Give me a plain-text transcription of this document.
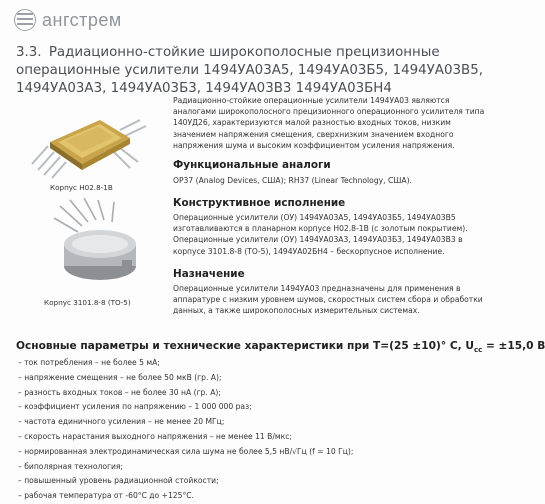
ангстрем
3.3. Радиационно-стойкие широкополосные прецизионные операционные усилители 1494УА03А5, 1494УА03Б5, 1494УА03В5, 1494УА03А3, 1494УА03Б3, 1494УА03В3 1494УА03БН4
Корпус Н02.8-1В
Корпус 3101.8-8 (ТО-5)
Радиационно-стойкие операционные усилители 1494УА03 являются аналогами широкополосного прецизионного операционного усилителя типа 140УД26, характеризуются малой разностью входных токов, низким значением напряжения смещения, сверхнизким значением входного напряжения шума и высоким коэффициентом усиления напряжения.
Функциональные аналоги
OP37 (Analog Devices, США); RH37 (Linear Technology, США).
Конструктивное исполнение
Операционные усилители (ОУ) 1494УА03А5, 1494УА03Б5, 1494УА03В5 изготавливаются в планарном корпусе Н02.8-1В (с золотым покрытием). Операционные усилители (ОУ) 1494УА03А3, 1494УА03Б3, 1494УА03В3 в корпусе 3101.8-8 (ТО-5), 1494УА02БН4 – бескорпусное исполнение.
Назначение
Операционные усилители 1494УА03 предназначены для применения в аппаратуре с низким уровнем шумов, скоростных систем сбора и обработки данных, а также широкополосных измерительных системах.
Основные параметры и технические характеристики при T=(25 ±10)° С, $U_{cc} = \pm 15,0$ В
– ток потребления – не более 5 мА;
– напряжение смещения – не более 50 мкВ (гр. А);
– разность входных токов – не более 30 нА (гр. А);
– коэффициент усиления по напряжению – 1 000 000 раз;
– частота единичного усиления – не менее 20 МГц;
– скорость нарастания выходного напряжения – не менее 11 В/мкс;
– нормированная электродинамическая сила шума не более 5,5 нВ/√Гц (f = 10 Гц);
– биполярная технология;
– повышенный уровень радиационной стойкости;
– рабочая температура от -60°С до +125°С.
